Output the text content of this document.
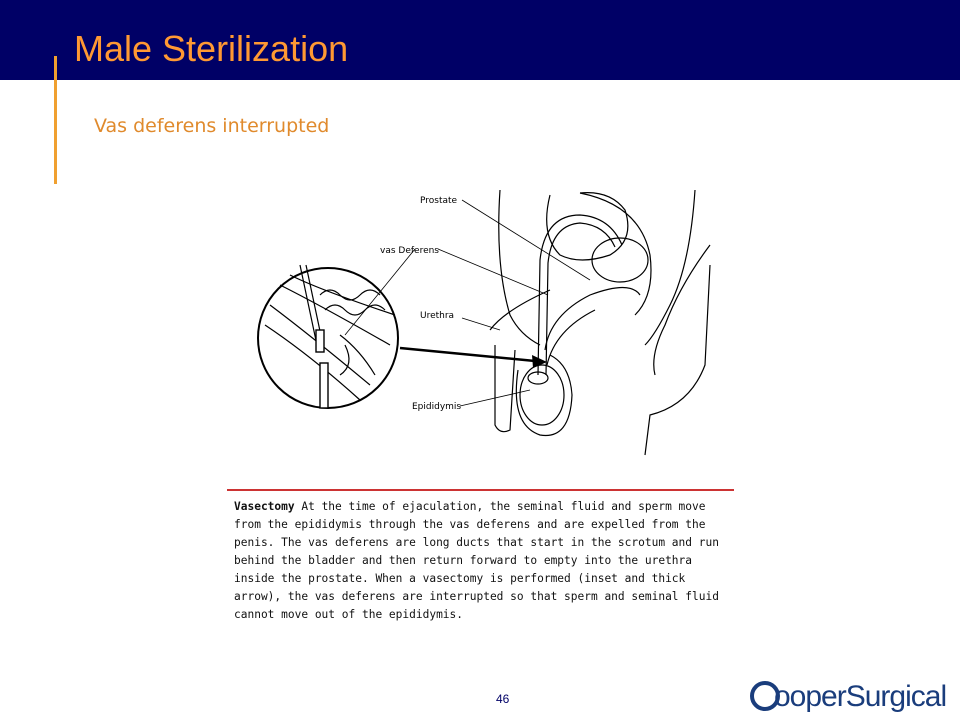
Male Sterilization
Vas deferens interrupted
Prostate
vas Deferens
Urethra
Epididymis
Vasectomy At the time of ejaculation, the seminal fluid and sperm move from the epididymis through the vas deferens and are expelled from the penis. The vas deferens are long ducts that start in the scrotum and run behind the bladder and then return forward to empty into the urethra inside the prostate. When a vasectomy is performed (inset and thick arrow), the vas deferens are interrupted so that sperm and seminal fluid cannot move out of the epididymis.
46	ooperSurgical
